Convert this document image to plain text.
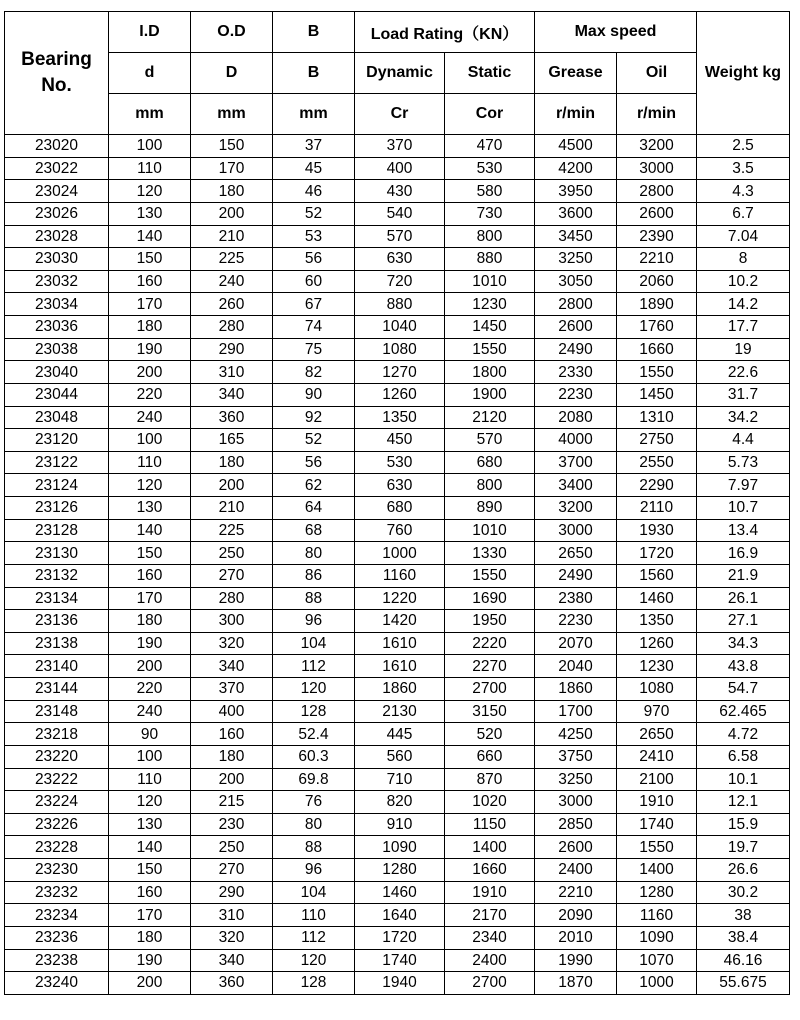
Bearing No.	I.D	O.D	B	Load Rating（KN）		Max speed		Weight kg
	d	D	B	Dynamic	Static	Grease	Oil	
	mm	mm	mm	Cr	Cor	r/min	r/min	
23020	100	150	37	370	470	4500	3200	2.5
23022	110	170	45	400	530	4200	3000	3.5
23024	120	180	46	430	580	3950	2800	4.3
23026	130	200	52	540	730	3600	2600	6.7
23028	140	210	53	570	800	3450	2390	7.04
23030	150	225	56	630	880	3250	2210	8
23032	160	240	60	720	1010	3050	2060	10.2
23034	170	260	67	880	1230	2800	1890	14.2
23036	180	280	74	1040	1450	2600	1760	17.7
23038	190	290	75	1080	1550	2490	1660	19
23040	200	310	82	1270	1800	2330	1550	22.6
23044	220	340	90	1260	1900	2230	1450	31.7
23048	240	360	92	1350	2120	2080	1310	34.2
23120	100	165	52	450	570	4000	2750	4.4
23122	110	180	56	530	680	3700	2550	5.73
23124	120	200	62	630	800	3400	2290	7.97
23126	130	210	64	680	890	3200	2110	10.7
23128	140	225	68	760	1010	3000	1930	13.4
23130	150	250	80	1000	1330	2650	1720	16.9
23132	160	270	86	1160	1550	2490	1560	21.9
23134	170	280	88	1220	1690	2380	1460	26.1
23136	180	300	96	1420	1950	2230	1350	27.1
23138	190	320	104	1610	2220	2070	1260	34.3
23140	200	340	112	1610	2270	2040	1230	43.8
23144	220	370	120	1860	2700	1860	1080	54.7
23148	240	400	128	2130	3150	1700	970	62.465
23218	90	160	52.4	445	520	4250	2650	4.72
23220	100	180	60.3	560	660	3750	2410	6.58
23222	110	200	69.8	710	870	3250	2100	10.1
23224	120	215	76	820	1020	3000	1910	12.1
23226	130	230	80	910	1150	2850	1740	15.9
23228	140	250	88	1090	1400	2600	1550	19.7
23230	150	270	96	1280	1660	2400	1400	26.6
23232	160	290	104	1460	1910	2210	1280	30.2
23234	170	310	110	1640	2170	2090	1160	38
23236	180	320	112	1720	2340	2010	1090	38.4
23238	190	340	120	1740	2400	1990	1070	46.16
23240	200	360	128	1940	2700	1870	1000	55.675
